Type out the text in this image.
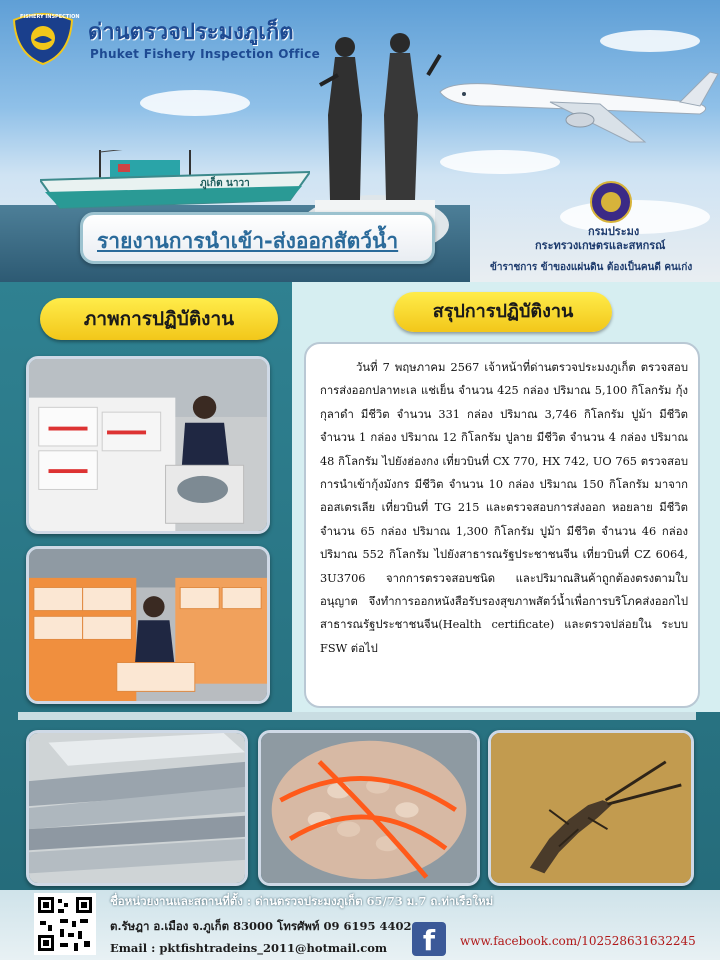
ภูเก็ต นาวา
FISHERY INSPECTION
ด่านตรวจประมงภูเก็ต
Phuket Fishery Inspection Office
กรมประมง
กระทรวงเกษตรและสหกรณ์
ข้าราชการ ข้าของแผ่นดิน ต้องเป็นคนดี คนเก่ง
รายงานการนำเข้า-ส่งออกสัตว์น้ำ
ภาพการปฏิบัติงาน	สรุปการปฏิบัติงาน

วันที่ 7 พฤษภาคม 2567 เจ้าหน้าที่ด่านตรวจประมงภูเก็ต ตรวจสอบการส่งออกปลาทะเล แช่เย็น จำนวน 425 กล่อง ปริมาณ 5,100 กิโลกรัม กุ้งกุลาดำ มีชีวิต จำนวน 331 กล่อง ปริมาณ 3,746 กิโลกรัม ปูม้า มีชีวิต จำนวน 1 กล่อง ปริมาณ 12 กิโลกรัม ปูลาย มีชีวิต จำนวน 4 กล่อง ปริมาณ 48 กิโลกรัม ไปยังฮ่องกง เที่ยวบินที่ CX 770, HX 742, UO 765 ตรวจสอบการนำเข้ากุ้งมังกร มีชีวิต จำนวน 10 กล่อง ปริมาณ 150 กิโลกรัม มาจากออสเตรเลีย เที่ยวบินที่ TG 215 และตรวจสอบการส่งออก หอยลาย มีชีวิต จำนวน 65 กล่อง ปริมาณ 1,300 กิโลกรัม ปูม้า มีชีวิต จำนวน 46 กล่อง ปริมาณ 552 กิโลกรัม ไปยังสาธารณรัฐประชาชนจีน เที่ยวบินที่ CZ 6064, 3U3706 จากการตรวจสอบชนิด และปริมาณสินค้าถูกต้องตรงตามใบอนุญาต จึงทำการออกหนังสือรับรองสุขภาพสัตว์น้ำเพื่อการบริโภคส่งออกไป สาธารณรัฐประชาชนจีน(Health certificate) และตรวจปล่อยใน ระบบ FSW ต่อไป

ชื่อหน่วยงานและสถานที่ตั้ง : ด่านตรวจประมงภูเก็ต 65/73 ม.7 ถ.ท่าเรือใหม่
ต.รัษฎา อ.เมือง จ.ภูเก็ต 83000 โทรศัพท์ 09 6195 4402
Email : pktfishtradeins_2011@hotmail.com	f	www.facebook.com/102528631632245
